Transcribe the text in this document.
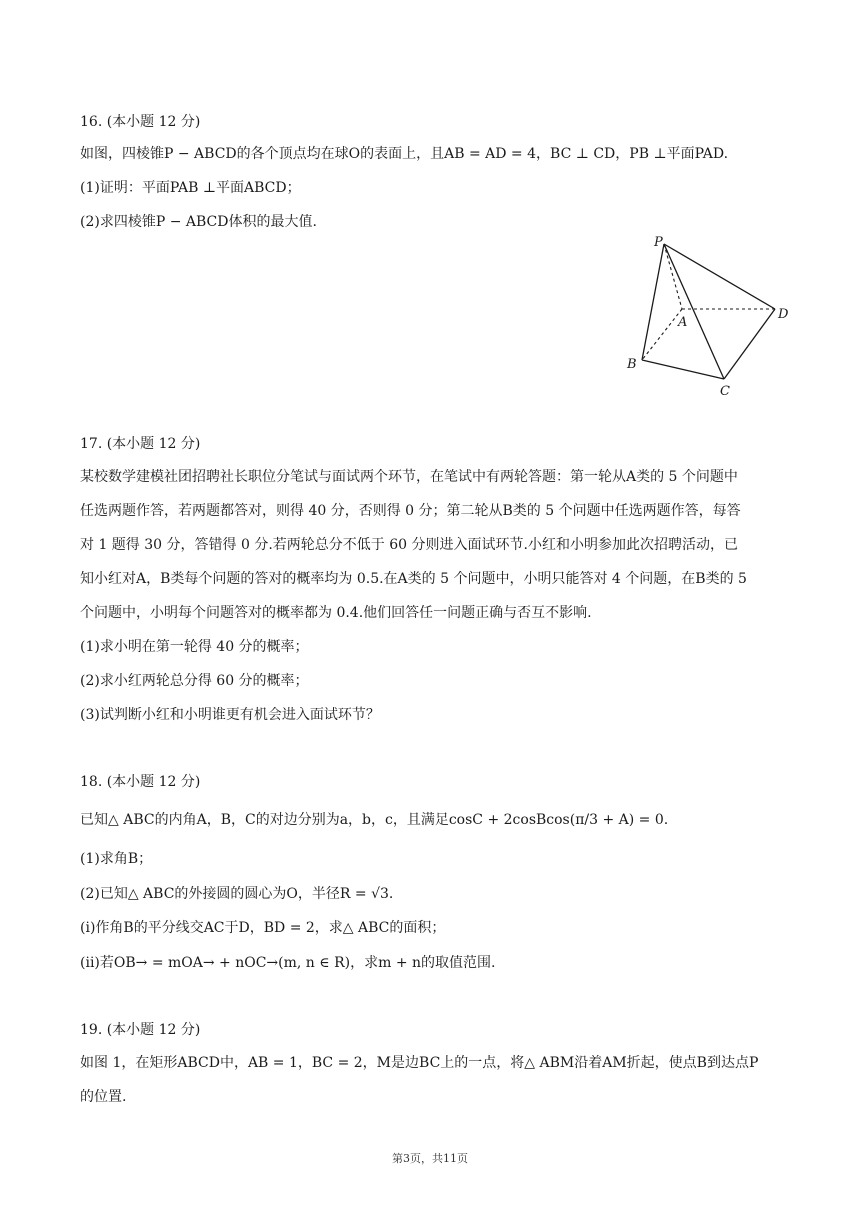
16. (本小题 12 分)
如图，四棱锥P − ABCD的各个顶点均在球O的表面上，且AB = AD = 4，BC ⊥ CD，PB ⊥平面PAD.
(1)证明：平面PAB ⊥平面ABCD；
(2)求四棱锥P − ABCD体积的最大值.
P
A
D
B
C
17. (本小题 12 分)
某校数学建模社团招聘社长职位分笔试与面试两个环节，在笔试中有两轮答题：第一轮从A类的 5 个问题中
任选两题作答，若两题都答对，则得 40 分，否则得 0 分；第二轮从B类的 5 个问题中任选两题作答，每答
对 1 题得 30 分，答错得 0 分.若两轮总分不低于 60 分则进入面试环节.小红和小明参加此次招聘活动，已
知小红对A，B类每个问题的答对的概率均为 0.5.在A类的 5 个问题中，小明只能答对 4 个问题，在B类的 5
个问题中，小明每个问题答对的概率都为 0.4.他们回答任一问题正确与否互不影响.
(1)求小明在第一轮得 40 分的概率；
(2)求小红两轮总分得 60 分的概率；
(3)试判断小红和小明谁更有机会进入面试环节？
18. (本小题 12 分)
已知△ ABC的内角A，B，C的对边分别为a，b，c，且满足cosC + 2cosBcos(π/3 + A) = 0.
(1)求角B；
(2)已知△ ABC的外接圆的圆心为O，半径R = √3.
(i)作角B的平分线交AC于D，BD = 2，求△ ABC的面积；
(ii)若OB→ = mOA→ + nOC→(m, n ∈ R)，求m + n的取值范围.
19. (本小题 12 分)
如图 1，在矩形ABCD中，AB = 1，BC = 2，M是边BC上的一点，将△ ABM沿着AM折起，使点B到达点P
的位置.
第3页，共11页
